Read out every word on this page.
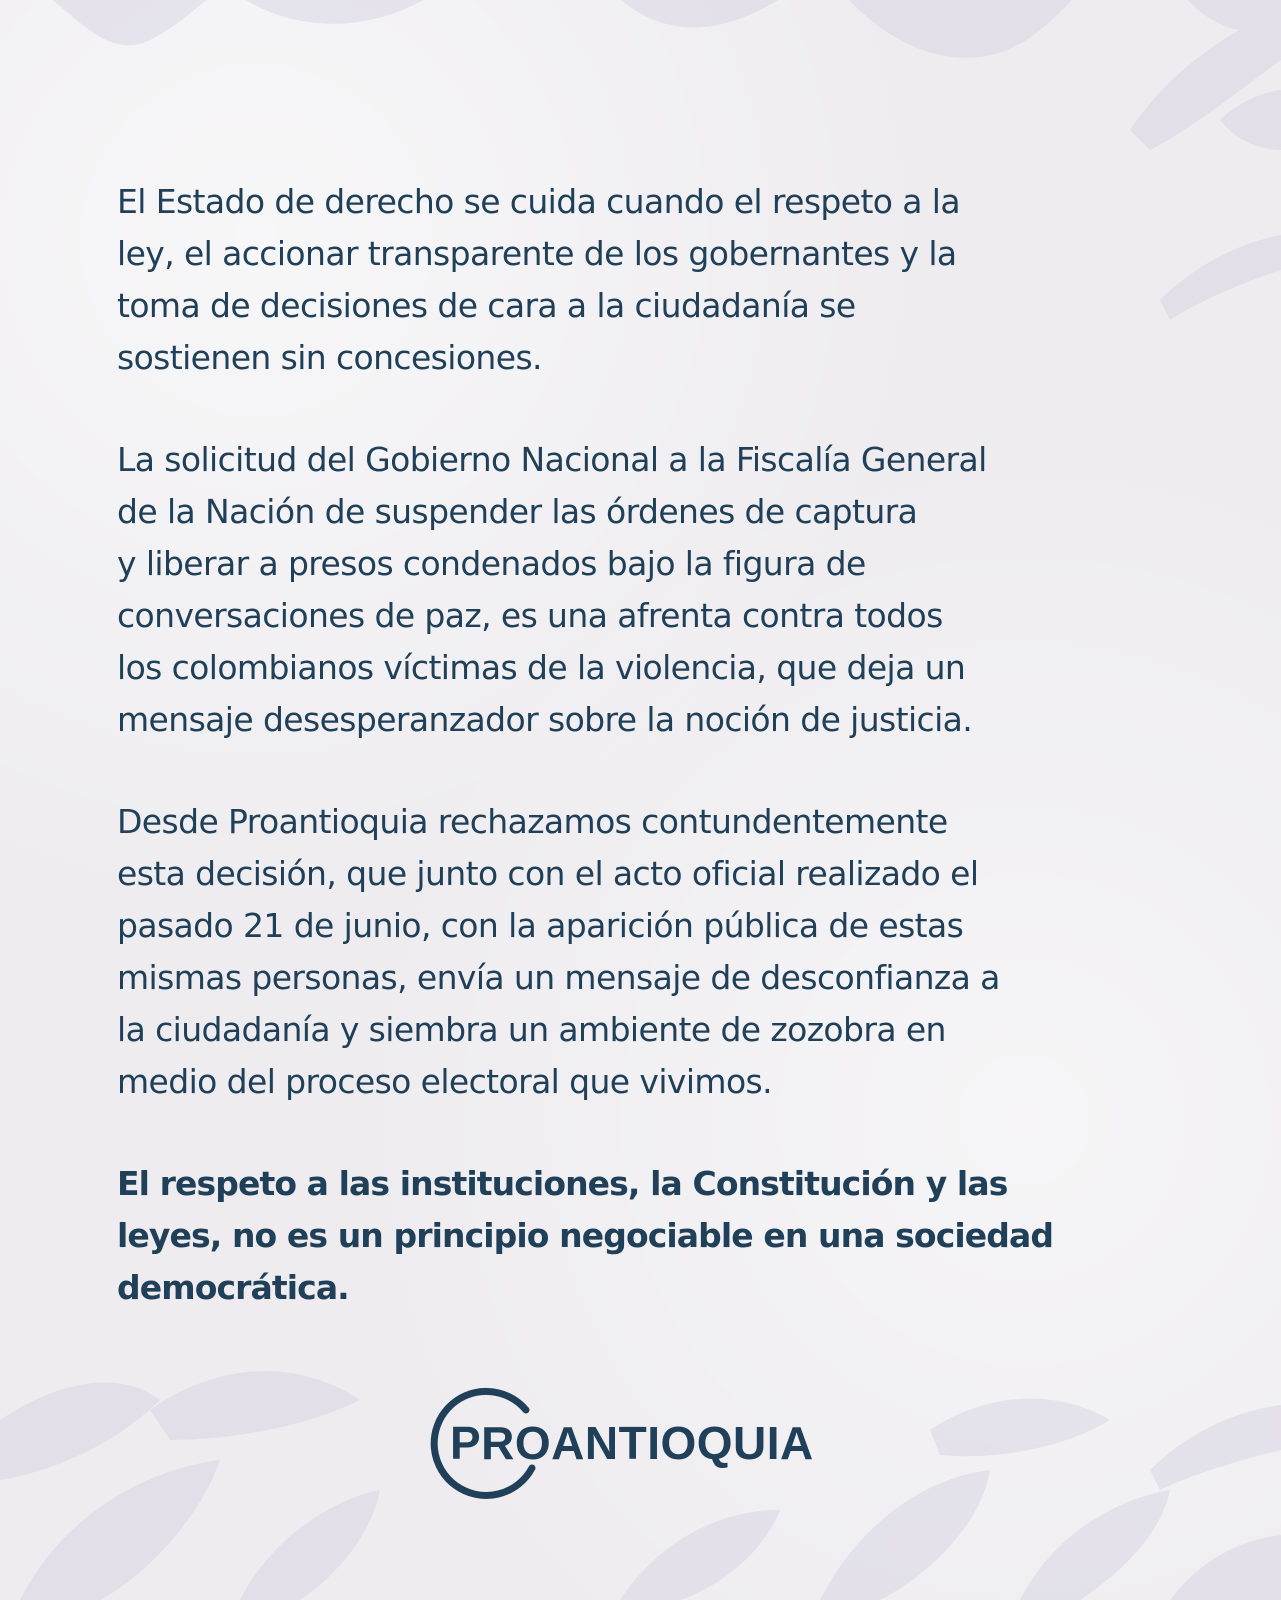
El Estado de derecho se cuida cuando el respeto a la
ley, el accionar transparente de los gobernantes y la
toma de decisiones de cara a la ciudadanía se
sostienen sin concesiones.

La solicitud del Gobierno Nacional a la Fiscalía General
de la Nación de suspender las órdenes de captura
y liberar a presos condenados bajo la figura de
conversaciones de paz, es una afrenta contra todos
los colombianos víctimas de la violencia, que deja un
mensaje desesperanzador sobre la noción de justicia.

Desde Proantioquia rechazamos contundentemente
esta decisión, que junto con el acto oficial realizado el
pasado 21 de junio, con la aparición pública de estas
mismas personas, envía un mensaje de desconfianza a
la ciudadanía y siembra un ambiente de zozobra en
medio del proceso electoral que vivimos.

El respeto a las instituciones, la Constitución y las
leyes, no es un principio negociable en una sociedad
democrática.

PROANTIOQUIA
